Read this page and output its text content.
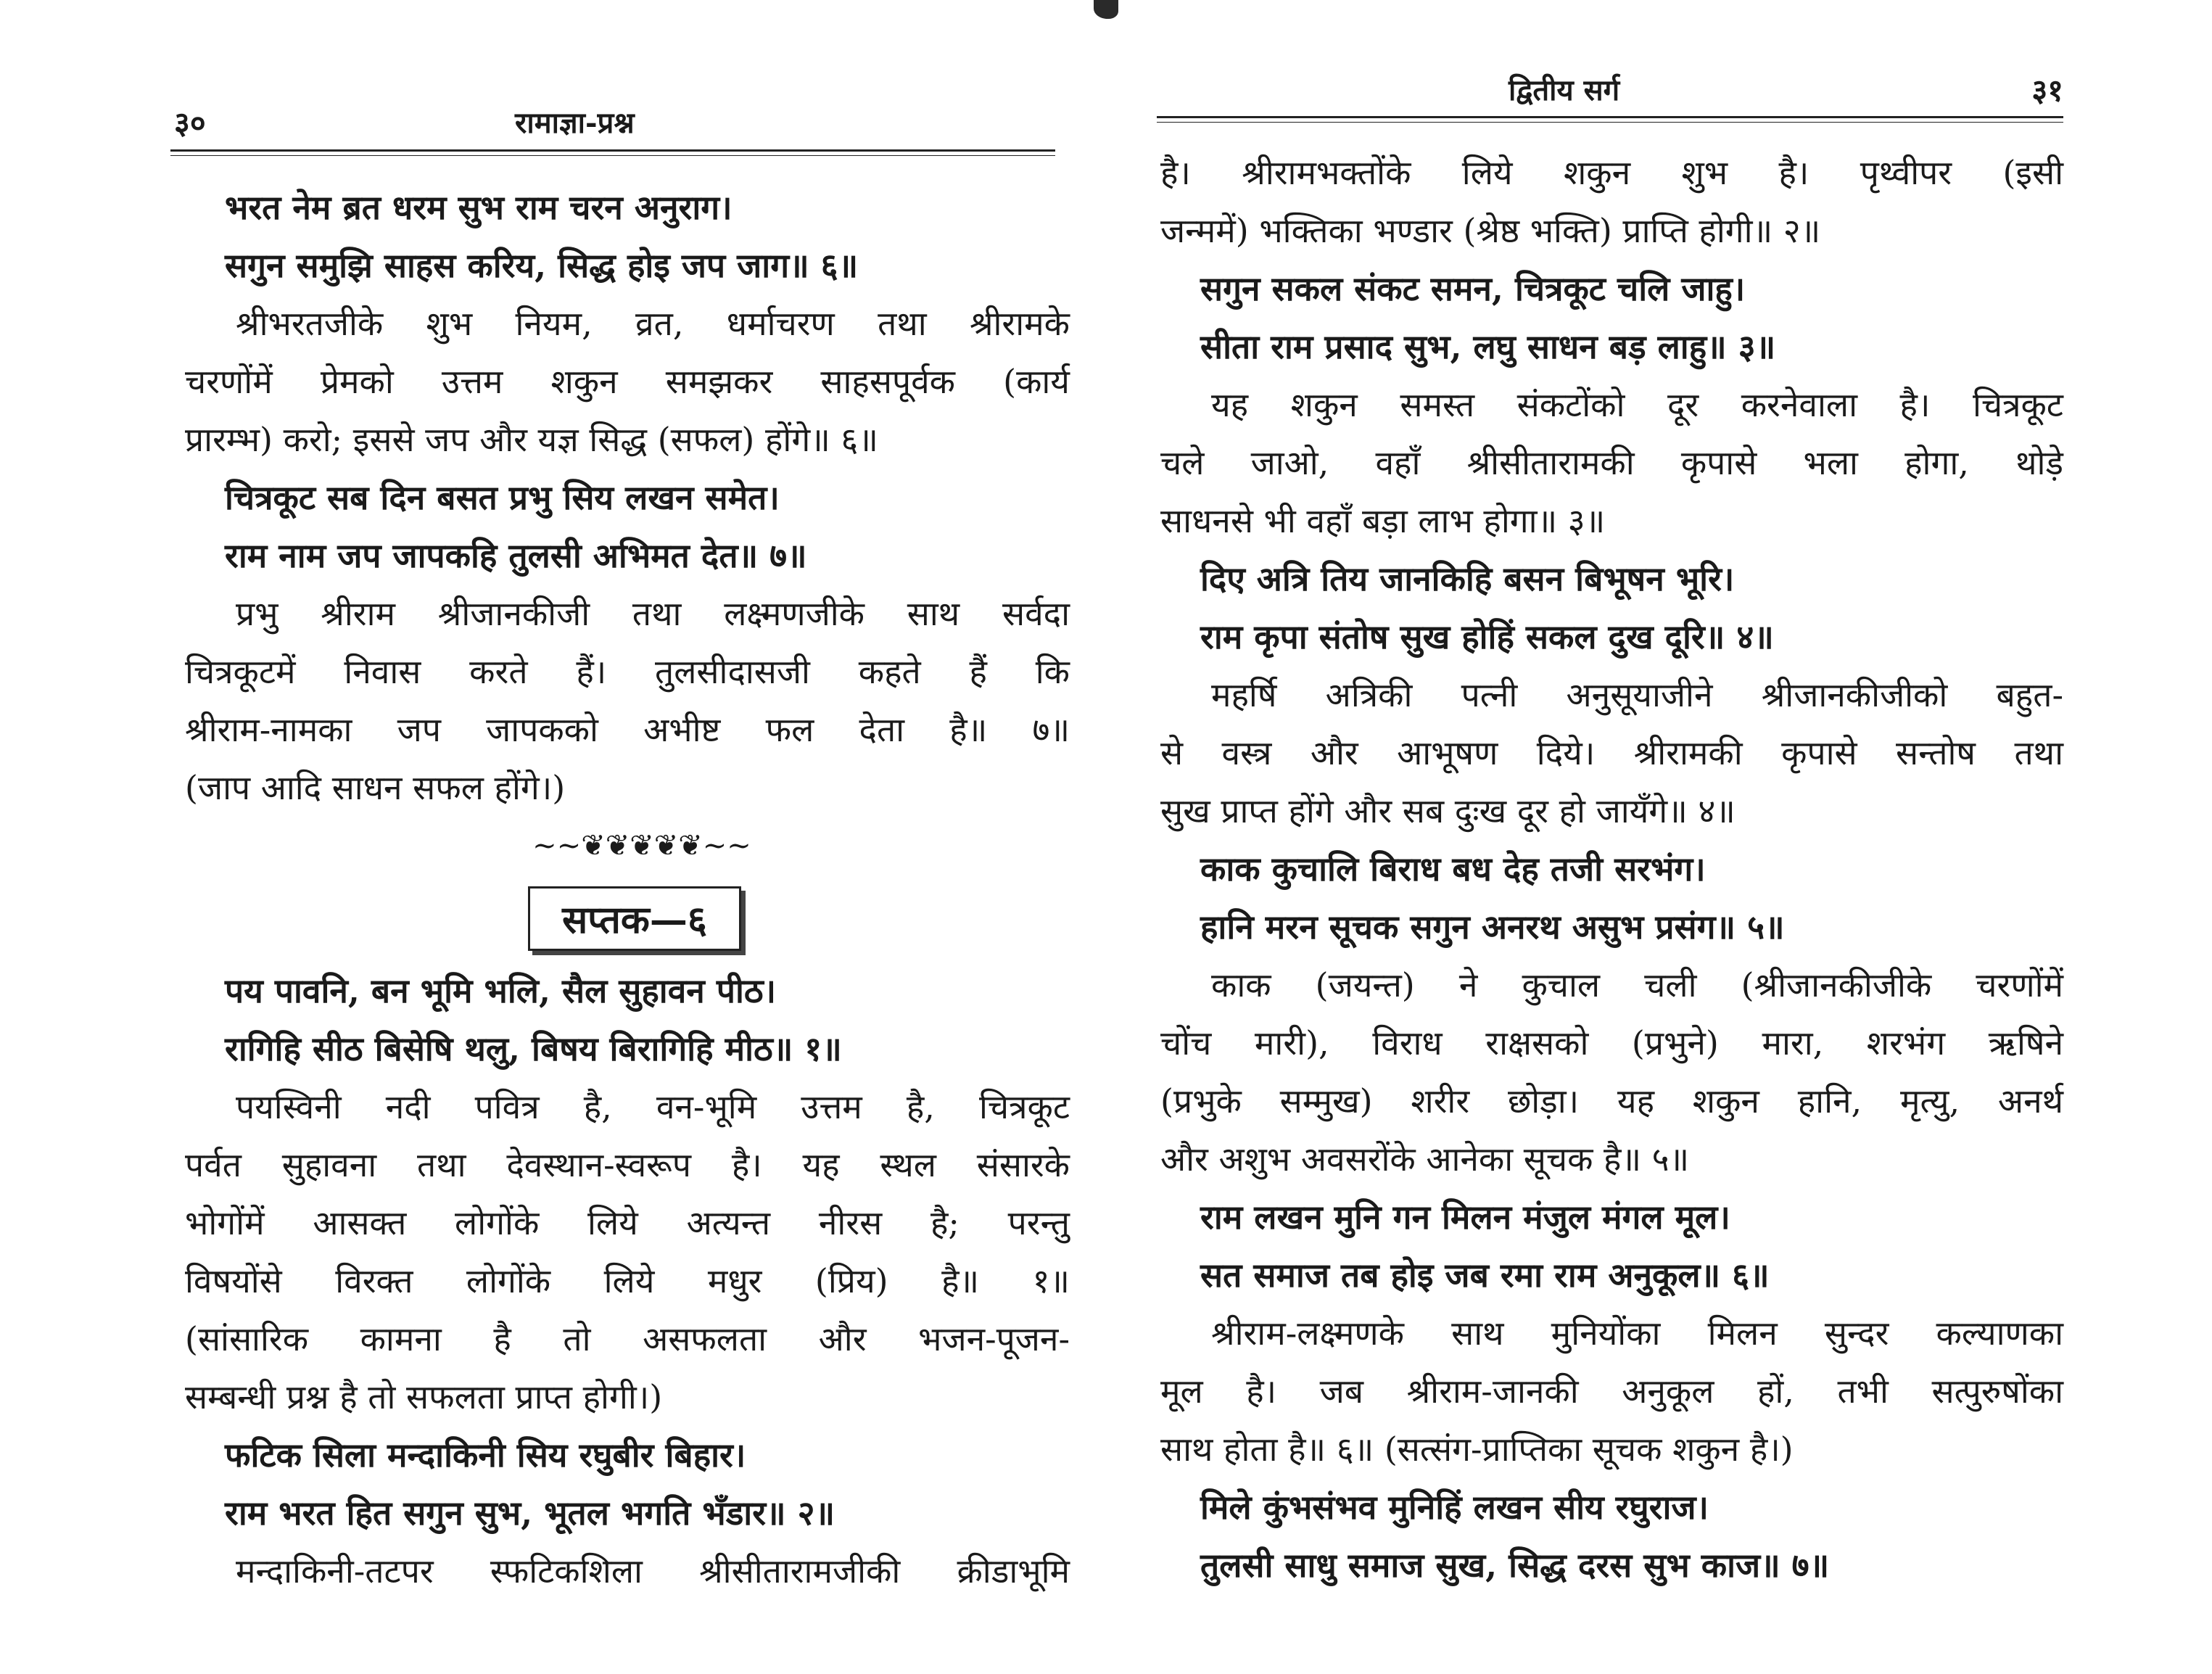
३०	रामाज्ञा-प्रश्न
भरत नेम ब्रत धरम सुभ राम चरन अनुराग।
सगुन समुझि साहस करिय, सिद्ध होइ जप जाग॥ ६॥
श्रीभरतजीके शुभ नियम, व्रत, धर्माचरण तथा श्रीरामके
चरणोंमें प्रेमको उत्तम शकुन समझकर साहसपूर्वक (कार्य
प्रारम्भ) करो; इससे जप और यज्ञ सिद्ध (सफल) होंगे॥ ६॥
चित्रकूट सब दिन बसत प्रभु सिय लखन समेत।
राम नाम जप जापकहि तुलसी अभिमत देत॥ ७॥
प्रभु श्रीराम श्रीजानकीजी तथा लक्ष्मणजीके साथ सर्वदा
चित्रकूटमें निवास करते हैं। तुलसीदासजी कहते हैं कि
श्रीराम-नामका जप जापकको अभीष्ट फल देता है॥ ७॥
(जाप आदि साधन सफल होंगे।)
~~❦❦❦❦❦~~
सप्तक—६
पय पावनि, बन भूमि भलि, सैल सुहावन पीठ।
रागिहि सीठ बिसेषि थलु, बिषय बिरागिहि मीठ॥ १॥
पयस्विनी नदी पवित्र है, वन-भूमि उत्तम है, चित्रकूट
पर्वत सुहावना तथा देवस्थान-स्वरूप है। यह स्थल संसारके
भोगोंमें आसक्त लोगोंके लिये अत्यन्त नीरस है; परन्तु
विषयोंसे विरक्त लोगोंके लिये मधुर (प्रिय) है॥ १॥
(सांसारिक कामना है तो असफलता और भजन-पूजन-
सम्बन्धी प्रश्न है तो सफलता प्राप्त होगी।)
फटिक सिला मन्दाकिनी सिय रघुबीर बिहार।
राम भरत हित सगुन सुभ, भूतल भगति भँडार॥ २॥
मन्दाकिनी-तटपर स्फटिकशिला श्रीसीतारामजीकी क्रीडाभूमि
द्वितीय सर्ग	३१
है। श्रीरामभक्तोंके लिये शकुन शुभ है। पृथ्वीपर (इसी
जन्ममें) भक्तिका भण्डार (श्रेष्ठ भक्ति) प्राप्ति होगी॥ २॥
सगुन सकल संकट समन, चित्रकूट चलि जाहु।
सीता राम प्रसाद सुभ, लघु साधन बड़ लाहु॥ ३॥
यह शकुन समस्त संकटोंको दूर करनेवाला है। चित्रकूट
चले जाओ, वहाँ श्रीसीतारामकी कृपासे भला होगा, थोड़े
साधनसे भी वहाँ बड़ा लाभ होगा॥ ३॥
दिए अत्रि तिय जानकिहि बसन बिभूषन भूरि।
राम कृपा संतोष सुख होहिं सकल दुख दूरि॥ ४॥
महर्षि अत्रिकी पत्नी अनुसूयाजीने श्रीजानकीजीको बहुत-
से वस्त्र और आभूषण दिये। श्रीरामकी कृपासे सन्तोष तथा
सुख प्राप्त होंगे और सब दुःख दूर हो जायँगे॥ ४॥
काक कुचालि बिराध बध देह तजी सरभंग।
हानि मरन सूचक सगुन अनरथ असुभ प्रसंग॥ ५॥
काक (जयन्त) ने कुचाल चली (श्रीजानकीजीके चरणोंमें
चोंच मारी), विराध राक्षसको (प्रभुने) मारा, शरभंग ऋषिने
(प्रभुके सम्मुख) शरीर छोड़ा। यह शकुन हानि, मृत्यु, अनर्थ
और अशुभ अवसरोंके आनेका सूचक है॥ ५॥
राम लखन मुनि गन मिलन मंजुल मंगल मूल।
सत समाज तब होइ जब रमा राम अनुकूल॥ ६॥
श्रीराम-लक्ष्मणके साथ मुनियोंका मिलन सुन्दर कल्याणका
मूल है। जब श्रीराम-जानकी अनुकूल हों, तभी सत्पुरुषोंका
साथ होता है॥ ६॥ (सत्संग-प्राप्तिका सूचक शकुन है।)
मिले कुंभसंभव मुनिहिं लखन सीय रघुराज।
तुलसी साधु समाज सुख, सिद्ध दरस सुभ काज॥ ७॥
